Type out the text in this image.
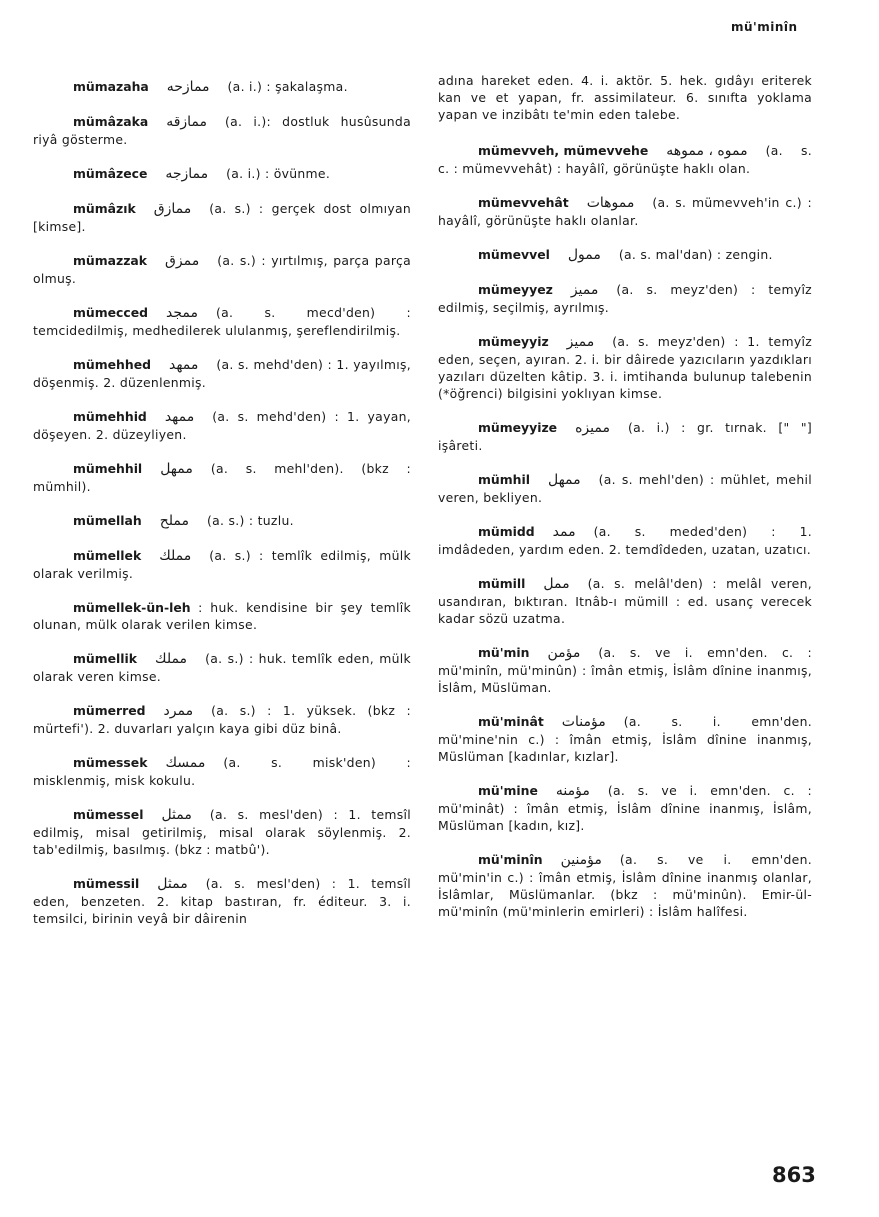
mü'minîn
mümazaha ممازحه (a. i.) : şakalaşma.
mümâzaka ممازقه (a. i.): dostluk husûsunda riyâ gösterme.
mümâzece ممازجه (a. i.) : övünme.
mümâzık ممازق (a. s.) : gerçek dost olmıyan [kimse].
mümazzak ممزق (a. s.) : yırtılmış, parça parça olmuş.
mümecced ممجد (a. s. mecd'den) : temcidedilmiş, medhedilerek ululanmış, şereflendirilmiş.
mümehhed ممهد (a. s. mehd'den) : 1. yayılmış, döşenmiş. 2. düzenlenmiş.
mümehhid ممهد (a. s. mehd'den) : 1. yayan, döşeyen. 2. düzeyliyen.
mümehhil ممهل (a. s. mehl'den). (bkz : mümhil).
mümellah مملح (a. s.) : tuzlu.
mümellek مملك (a. s.) : temlîk edilmiş, mülk olarak verilmiş.
mümellek-ün-leh : huk. kendisine bir şey temlîk olunan, mülk olarak verilen kimse.
mümellik مملك (a. s.) : huk. temlîk eden, mülk olarak veren kimse.
mümerred ممرد (a. s.) : 1. yüksek. (bkz : mürtefi'). 2. duvarları yalçın kaya gibi düz binâ.
mümessek ممسك (a. s. misk'den) : misklenmiş, misk kokulu.
mümessel ممثل (a. s. mesl'den) : 1. temsîl edilmiş, misal getirilmiş, misal olarak söylenmiş. 2. tab'edilmiş, basılmış. (bkz : matbû').
mümessil ممثل (a. s. mesl'den) : 1. temsîl eden, benzeten. 2. kitap bastıran, fr. éditeur. 3. i. temsilci, birinin veyâ bir dâirenin
adına hareket eden. 4. i. aktör. 5. hek. gıdâyı eriterek kan ve et yapan, fr. assimilateur. 6. sınıfta yoklama yapan ve inzibâtı te'min eden talebe.
mümevveh, mümevvehe مموه ، مموهه (a. s. c. : mümevvehât) : hayâlî, görünüşte haklı olan.
mümevvehât مموهات (a. s. mümevveh'in c.) : hayâlî, görünüşte haklı olanlar.
mümevvel ممول (a. s. mal'dan) : zengin.
mümeyyez مميز (a. s. meyz'den) : temyîz edilmiş, seçilmiş, ayrılmış.
mümeyyiz مميز (a. s. meyz'den) : 1. temyîz eden, seçen, ayıran. 2. i. bir dâirede yazıcıların yazdıkları yazıları düzelten kâtip. 3. i. imtihanda bulunup talebenin (*öğrenci) bilgisini yoklıyan kimse.
mümeyyize مميزه (a. i.) : gr. tırnak. [" "] işâreti.
mümhil ممهل (a. s. mehl'den) : mühlet, mehil veren, bekliyen.
mümidd ممد (a. s. meded'den) : 1. imdâdeden, yardım eden. 2. temdîdeden, uzatan, uzatıcı.
mümill ممل (a. s. melâl'den) : melâl veren, usandıran, bıktıran. Itnâb-ı mümill : ed. usanç verecek kadar sözü uzatma.
mü'min مؤمن (a. s. ve i. emn'den. c. : mü'minîn, mü'minûn) : îmân etmiş, İslâm dînine inanmış, İslâm, Müslüman.
mü'minât مؤمنات (a. s. i. emn'den. mü'mine'nin c.) : îmân etmiş, İslâm dînine inanmış, Müslüman [kadınlar, kızlar].
mü'mine مؤمنه (a. s. ve i. emn'den. c. : mü'minât) : îmân etmiş, İslâm dînine inanmış, İslâm, Müslüman [kadın, kız].
mü'minîn مؤمنين (a. s. ve i. emn'den. mü'min'in c.) : îmân etmiş, İslâm dînine inanmış olanlar, İslâmlar, Müslümanlar. (bkz : mü'minûn). Emir-ül-mü'minîn (mü'minlerin emirleri) : İslâm halîfesi.
863
